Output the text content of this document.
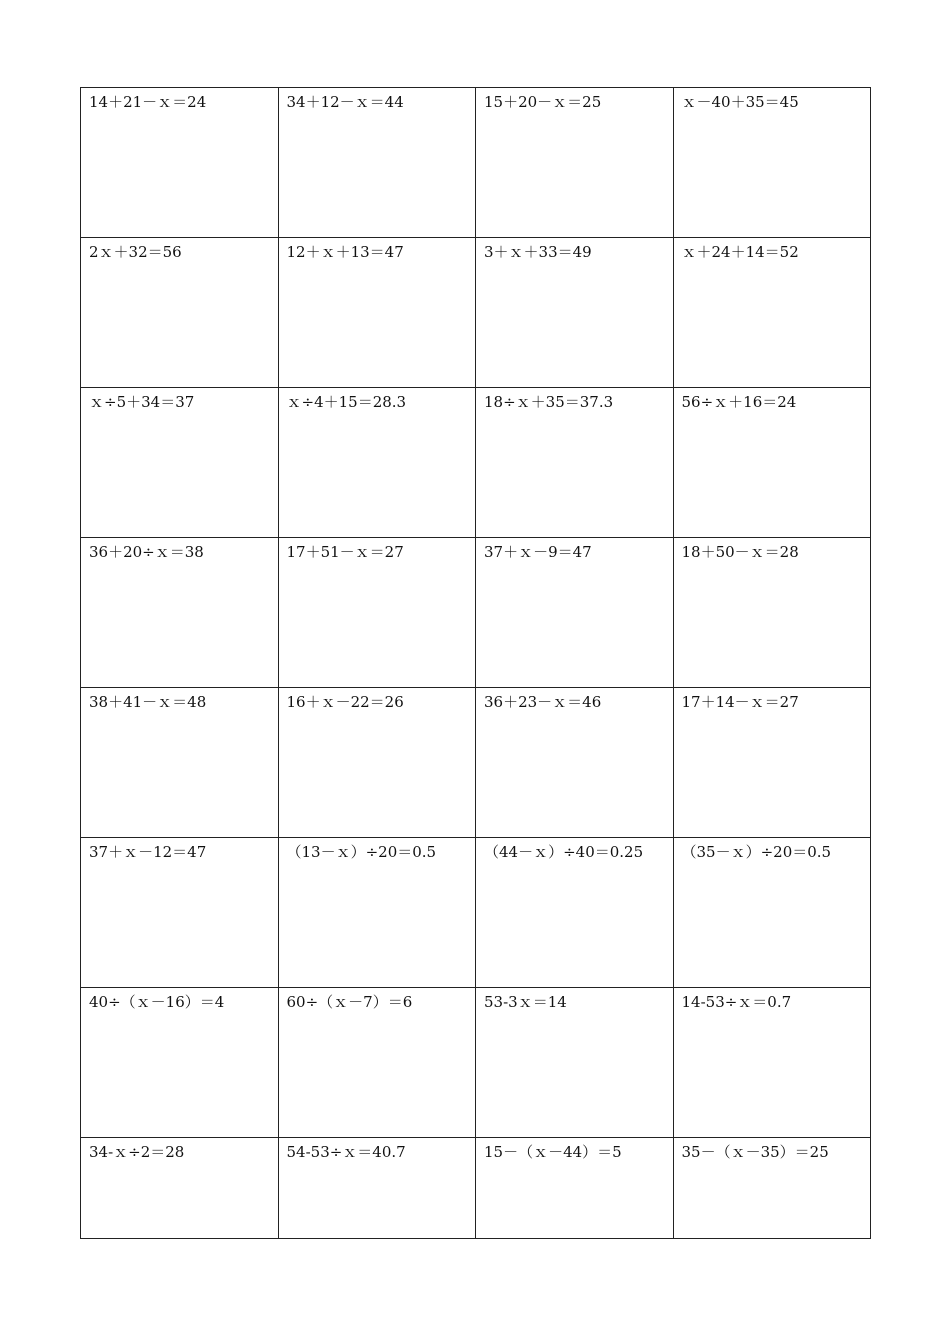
14＋21－ｘ＝24	34＋12－ｘ＝44	15＋20－ｘ＝25	ｘ－40＋35＝45
2ｘ＋32＝56	12＋ｘ＋13＝47	3＋ｘ＋33＝49	ｘ＋24＋14＝52
ｘ÷5＋34＝37	ｘ÷4＋15＝28.3	18÷ｘ＋35＝37.3	56÷ｘ＋16＝24
36＋20÷ｘ＝38	17＋51－ｘ＝27	37＋ｘ－9＝47	18＋50－ｘ＝28
38＋41－ｘ＝48	16＋ｘ－22＝26	36＋23－ｘ＝46	17＋14－ｘ＝27
37＋ｘ－12＝47	（13－ｘ）÷20＝0.5	（44－ｘ）÷40＝0.25	（35－ｘ）÷20＝0.5
40÷（ｘ－16）＝4	60÷（ｘ－7）＝6	53-3ｘ＝14	14-53÷ｘ＝0.7
34-ｘ÷2＝28	54-53÷ｘ＝40.7	15－（ｘ－44）＝5	35－（ｘ－35）＝25
